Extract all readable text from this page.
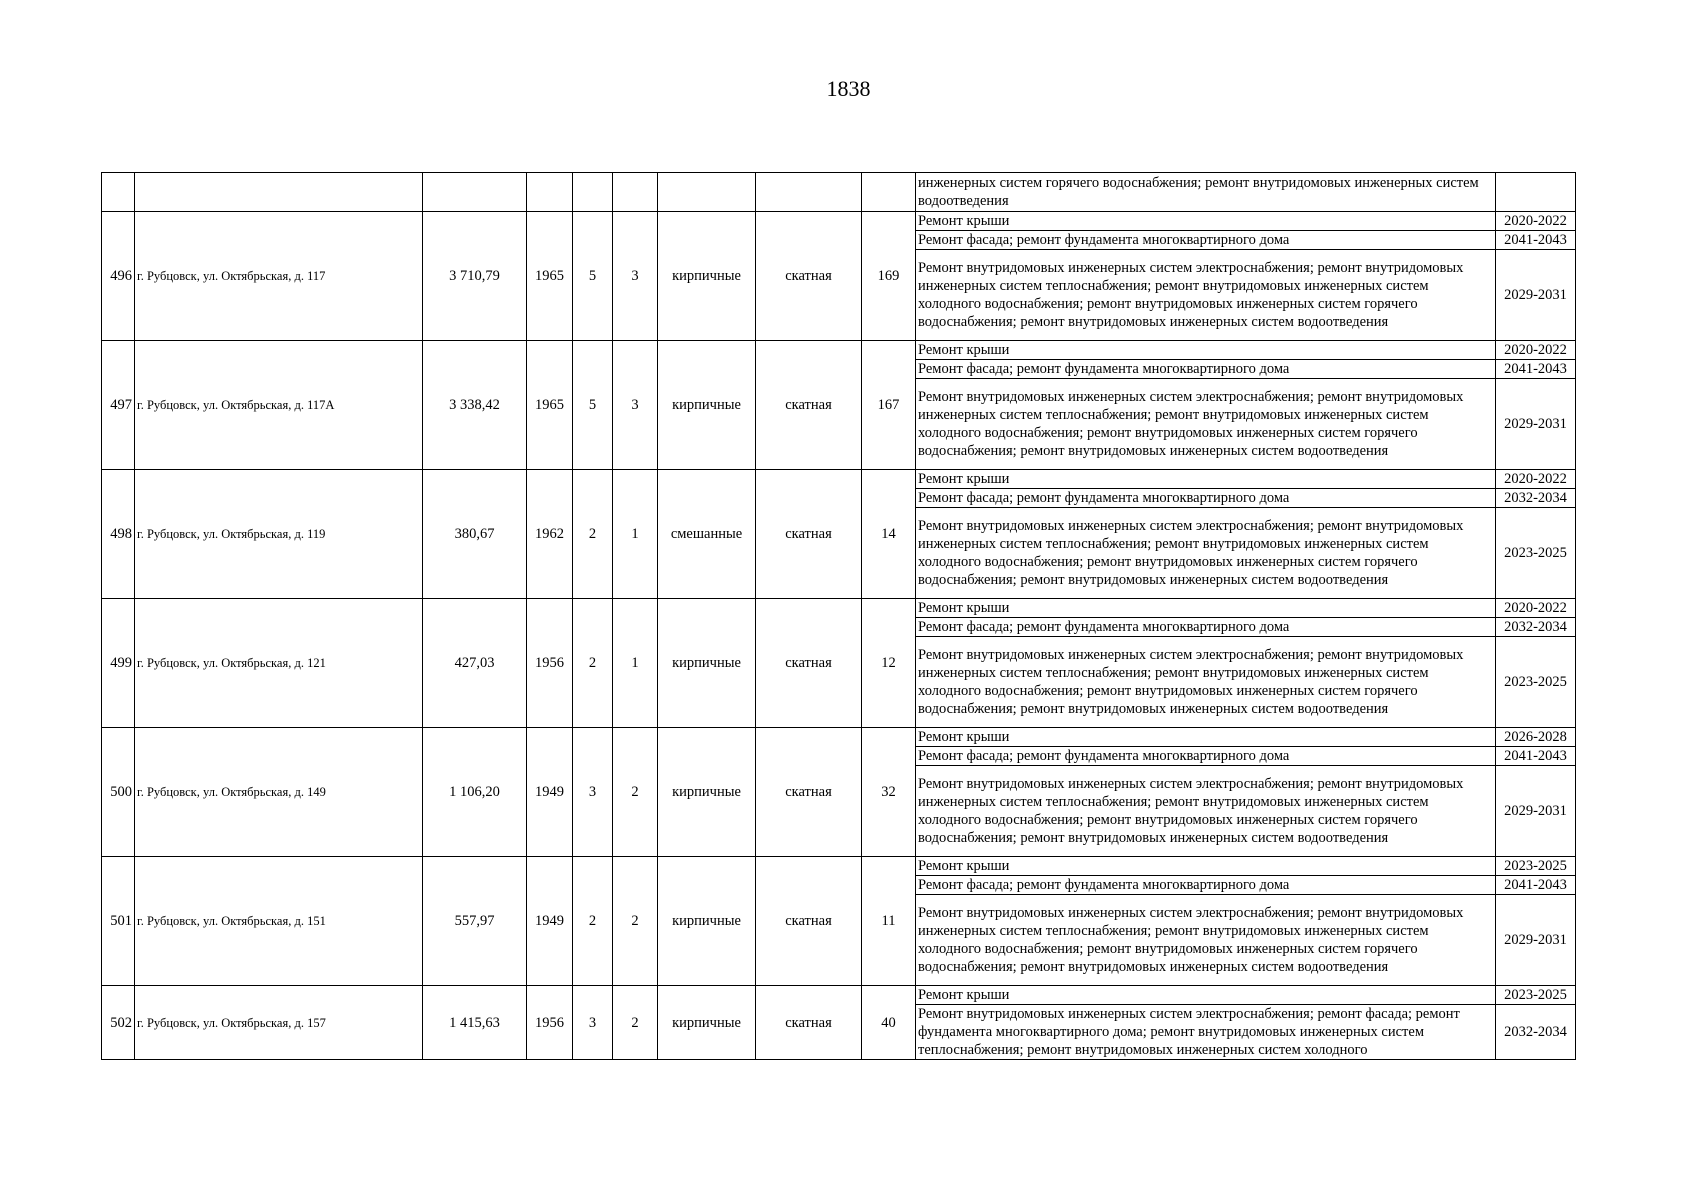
1838
									инженерных систем горячего водоснабжения; ремонт внутридомовых инженерных систем водоотведения	
496	г. Рубцовск, ул. Октябрьская, д. 117	3 710,79	1965	5	3	кирпичные	скатная	169	Ремонт крыши	2020-2022
									Ремонт фасада; ремонт фундамента многоквартирного дома	2041-2043
									Ремонт внутридомовых инженерных систем электроснабжения; ремонт внутридомовых инженерных систем теплоснабжения; ремонт внутридомовых инженерных систем холодного водоснабжения; ремонт внутридомовых инженерных систем горячего водоснабжения; ремонт внутридомовых инженерных систем водоотведения	2029-2031
497	г. Рубцовск, ул. Октябрьская, д. 117А	3 338,42	1965	5	3	кирпичные	скатная	167	Ремонт крыши	2020-2022
									Ремонт фасада; ремонт фундамента многоквартирного дома	2041-2043
									Ремонт внутридомовых инженерных систем электроснабжения; ремонт внутридомовых инженерных систем теплоснабжения; ремонт внутридомовых инженерных систем холодного водоснабжения; ремонт внутридомовых инженерных систем горячего водоснабжения; ремонт внутридомовых инженерных систем водоотведения	2029-2031
498	г. Рубцовск, ул. Октябрьская, д. 119	380,67	1962	2	1	смешанные	скатная	14	Ремонт крыши	2020-2022
									Ремонт фасада; ремонт фундамента многоквартирного дома	2032-2034
									Ремонт внутридомовых инженерных систем электроснабжения; ремонт внутридомовых инженерных систем теплоснабжения; ремонт внутридомовых инженерных систем холодного водоснабжения; ремонт внутридомовых инженерных систем горячего водоснабжения; ремонт внутридомовых инженерных систем водоотведения	2023-2025
499	г. Рубцовск, ул. Октябрьская, д. 121	427,03	1956	2	1	кирпичные	скатная	12	Ремонт крыши	2020-2022
									Ремонт фасада; ремонт фундамента многоквартирного дома	2032-2034
									Ремонт внутридомовых инженерных систем электроснабжения; ремонт внутридомовых инженерных систем теплоснабжения; ремонт внутридомовых инженерных систем холодного водоснабжения; ремонт внутридомовых инженерных систем горячего водоснабжения; ремонт внутридомовых инженерных систем водоотведения	2023-2025
500	г. Рубцовск, ул. Октябрьская, д. 149	1 106,20	1949	3	2	кирпичные	скатная	32	Ремонт крыши	2026-2028
									Ремонт фасада; ремонт фундамента многоквартирного дома	2041-2043
									Ремонт внутридомовых инженерных систем электроснабжения; ремонт внутридомовых инженерных систем теплоснабжения; ремонт внутридомовых инженерных систем холодного водоснабжения; ремонт внутридомовых инженерных систем горячего водоснабжения; ремонт внутридомовых инженерных систем водоотведения	2029-2031
501	г. Рубцовск, ул. Октябрьская, д. 151	557,97	1949	2	2	кирпичные	скатная	11	Ремонт крыши	2023-2025
									Ремонт фасада; ремонт фундамента многоквартирного дома	2041-2043
									Ремонт внутридомовых инженерных систем электроснабжения; ремонт внутридомовых инженерных систем теплоснабжения; ремонт внутридомовых инженерных систем холодного водоснабжения; ремонт внутридомовых инженерных систем горячего водоснабжения; ремонт внутридомовых инженерных систем водоотведения	2029-2031
502	г. Рубцовск, ул. Октябрьская, д. 157	1 415,63	1956	3	2	кирпичные	скатная	40	Ремонт крыши	2023-2025
									Ремонт внутридомовых инженерных систем электроснабжения; ремонт фасада; ремонт фундамента многоквартирного дома; ремонт внутридомовых инженерных систем теплоснабжения; ремонт внутридомовых инженерных систем холодного	2032-2034
